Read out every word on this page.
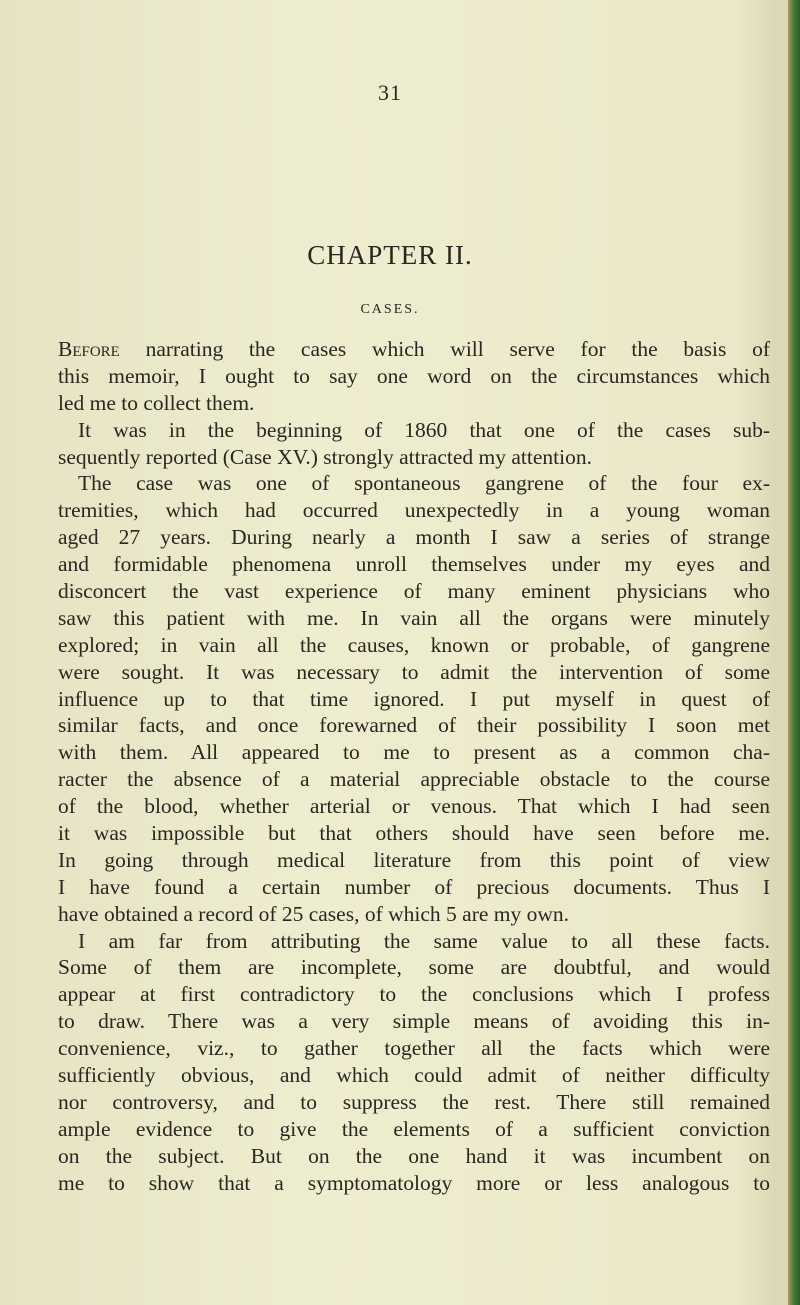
31
CHAPTER II.
CASES.
Before narrating the cases which will serve for the basis of
this memoir, I ought to say one word on the circumstances which
led me to collect them.
It was in the beginning of 1860 that one of the cases sub-
sequently reported (Case XV.) strongly attracted my attention.
The case was one of spontaneous gangrene of the four ex-
tremities, which had occurred unexpectedly in a young woman
aged 27 years. During nearly a month I saw a series of strange
and formidable phenomena unroll themselves under my eyes and
disconcert the vast experience of many eminent physicians who
saw this patient with me. In vain all the organs were minutely
explored; in vain all the causes, known or probable, of gangrene
were sought. It was necessary to admit the intervention of some
influence up to that time ignored. I put myself in quest of
similar facts, and once forewarned of their possibility I soon met
with them. All appeared to me to present as a common cha-
racter the absence of a material appreciable obstacle to the course
of the blood, whether arterial or venous. That which I had seen
it was impossible but that others should have seen before me.
In going through medical literature from this point of view
I have found a certain number of precious documents. Thus I
have obtained a record of 25 cases, of which 5 are my own.
I am far from attributing the same value to all these facts.
Some of them are incomplete, some are doubtful, and would
appear at first contradictory to the conclusions which I profess
to draw. There was a very simple means of avoiding this in-
convenience, viz., to gather together all the facts which were
sufficiently obvious, and which could admit of neither difficulty
nor controversy, and to suppress the rest. There still remained
ample evidence to give the elements of a sufficient conviction
on the subject. But on the one hand it was incumbent on
me to show that a symptomatology more or less analogous to
